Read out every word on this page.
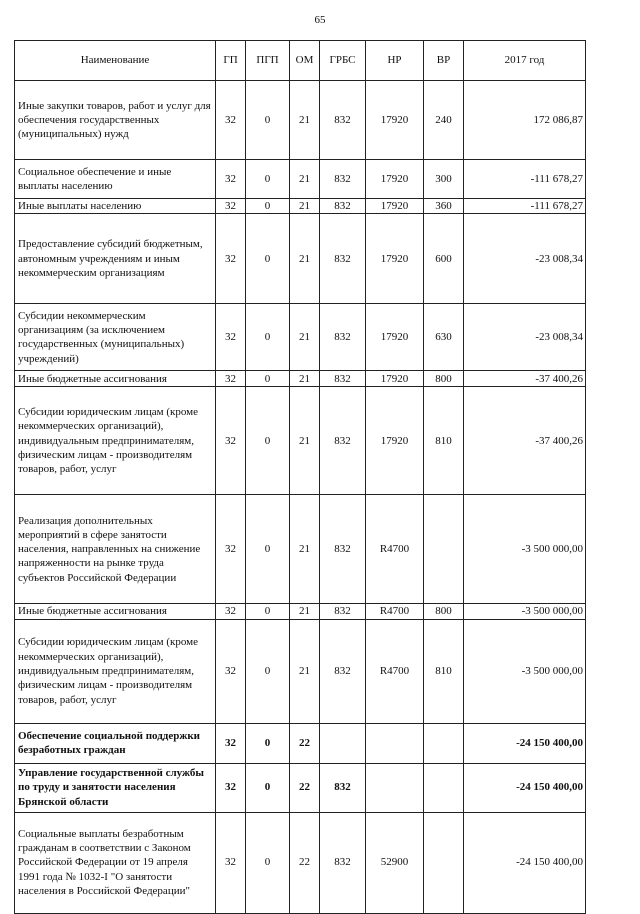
65
Наименование	ГП	ПГП	ОМ	ГРБС	НР	ВР	2017 год
Иные закупки товаров, работ и услуг для обеспечения государственных (муниципальных) нужд	32	0	21	832	17920	240	172 086,87
Социальное обеспечение и иные выплаты населению	32	0	21	832	17920	300	-111 678,27
Иные выплаты населению	32	0	21	832	17920	360	-111 678,27
Предоставление субсидий бюджетным, автономным учреждениям и иным некоммерческим организациям	32	0	21	832	17920	600	-23 008,34
Субсидии некоммерческим организациям (за исключением государственных (муниципальных) учреждений)	32	0	21	832	17920	630	-23 008,34
Иные бюджетные ассигнования	32	0	21	832	17920	800	-37 400,26
Субсидии юридическим лицам (кроме некоммерческих организаций), индивидуальным предпринимателям, физическим лицам - производителям товаров, работ, услуг	32	0	21	832	17920	810	-37 400,26
Реализация дополнительных мероприятий в сфере занятости населения, направленных на снижение напряженности на рынке труда субъектов Российской Федерации	32	0	21	832	R4700		-3 500 000,00
Иные бюджетные ассигнования	32	0	21	832	R4700	800	-3 500 000,00
Субсидии юридическим лицам (кроме некоммерческих организаций), индивидуальным предпринимателям, физическим лицам - производителям товаров, работ, услуг	32	0	21	832	R4700	810	-3 500 000,00
Обеспечение социальной поддержки безработных граждан	32	0	22				-24 150 400,00
Управление государственной службы по труду и занятости населения Брянской области	32	0	22	832			-24 150 400,00
Социальные выплаты безработным гражданам в соответствии с Законом Российской Федерации от 19 апреля 1991 года № 1032-I "О занятости населения в Российской Федерации"	32	0	22	832	52900		-24 150 400,00
